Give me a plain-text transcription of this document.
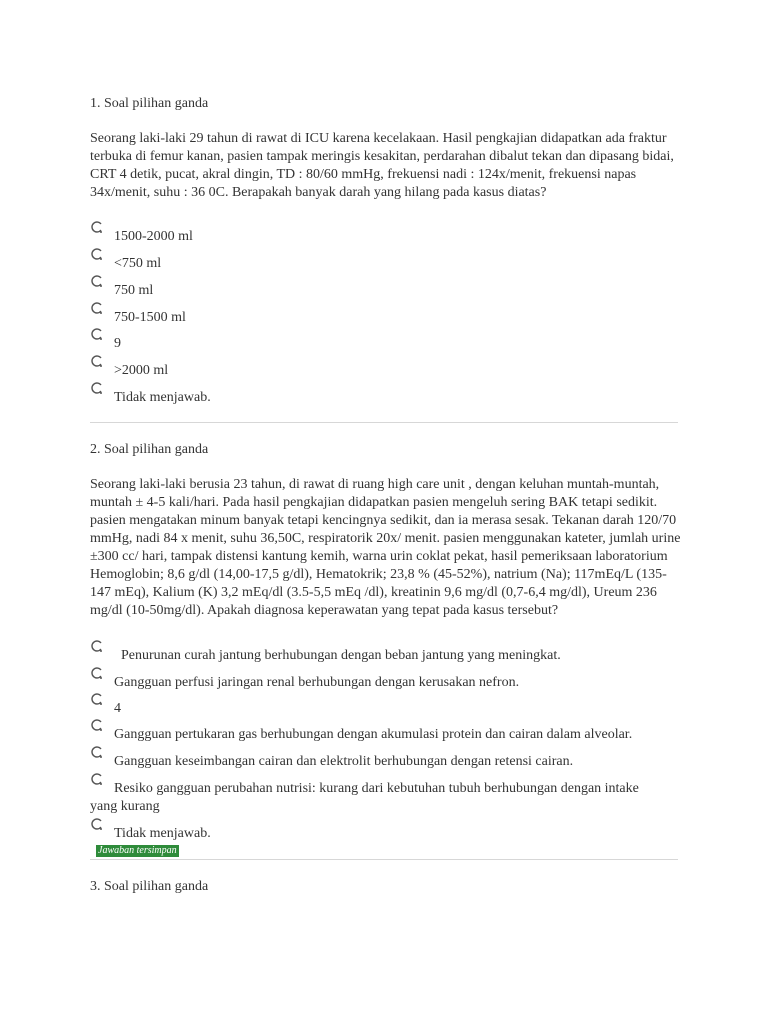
1. Soal pilihan ganda

Seorang laki-laki 29 tahun di rawat di ICU karena kecelakaan. Hasil pengkajian didapatkan ada fraktur terbuka di femur kanan, pasien tampak meringis kesakitan, perdarahan dibalut tekan dan dipasang bidai, CRT 4 detik, pucat, akral dingin, TD : 80/60 mmHg, frekuensi nadi : 124x/menit, frekuensi napas 34x/menit, suhu : 36 0C. Berapakah banyak darah yang hilang pada kasus diatas?

1500-2000 ml
<750 ml
750 ml
750-1500 ml
9
>2000 ml
Tidak menjawab.
2. Soal pilihan ganda

Seorang laki-laki berusia 23 tahun, di rawat di ruang high care unit , dengan keluhan muntah-muntah, muntah ± 4-5 kali/hari. Pada hasil pengkajian didapatkan pasien mengeluh sering BAK tetapi sedikit. pasien mengatakan minum banyak tetapi kencingnya sedikit, dan ia merasa sesak. Tekanan darah 120/70 mmHg, nadi 84 x menit, suhu 36,50C, respiratorik 20x/ menit. pasien menggunakan kateter, jumlah urine ±300 cc/ hari, tampak distensi kantung kemih, warna urin coklat pekat, hasil pemeriksaan laboratorium Hemoglobin; 8,6 g/dl (14,00-17,5 g/dl), Hematokrik; 23,8 % (45-52%), natrium (Na); 117mEq/L (135-147 mEq), Kalium (K) 3,2 mEq/dl (3.5-5,5 mEq /dl), kreatinin 9,6 mg/dl (0,7-6,4 mg/dl), Ureum 236 mg/dl (10-50mg/dl). Apakah diagnosa keperawatan yang tepat pada kasus tersebut?

Penurunan curah jantung berhubungan dengan beban jantung yang meningkat.
Gangguan perfusi jaringan renal berhubungan dengan kerusakan nefron.
4
Gangguan pertukaran gas berhubungan dengan akumulasi protein dan cairan dalam alveolar.
Gangguan keseimbangan cairan dan elektrolit berhubungan dengan retensi cairan.
Resiko gangguan perubahan nutrisi: kurang dari kebutuhan tubuh berhubungan dengan intake yang kurang
Tidak menjawab.
Jawaban tersimpan
3. Soal pilihan ganda
